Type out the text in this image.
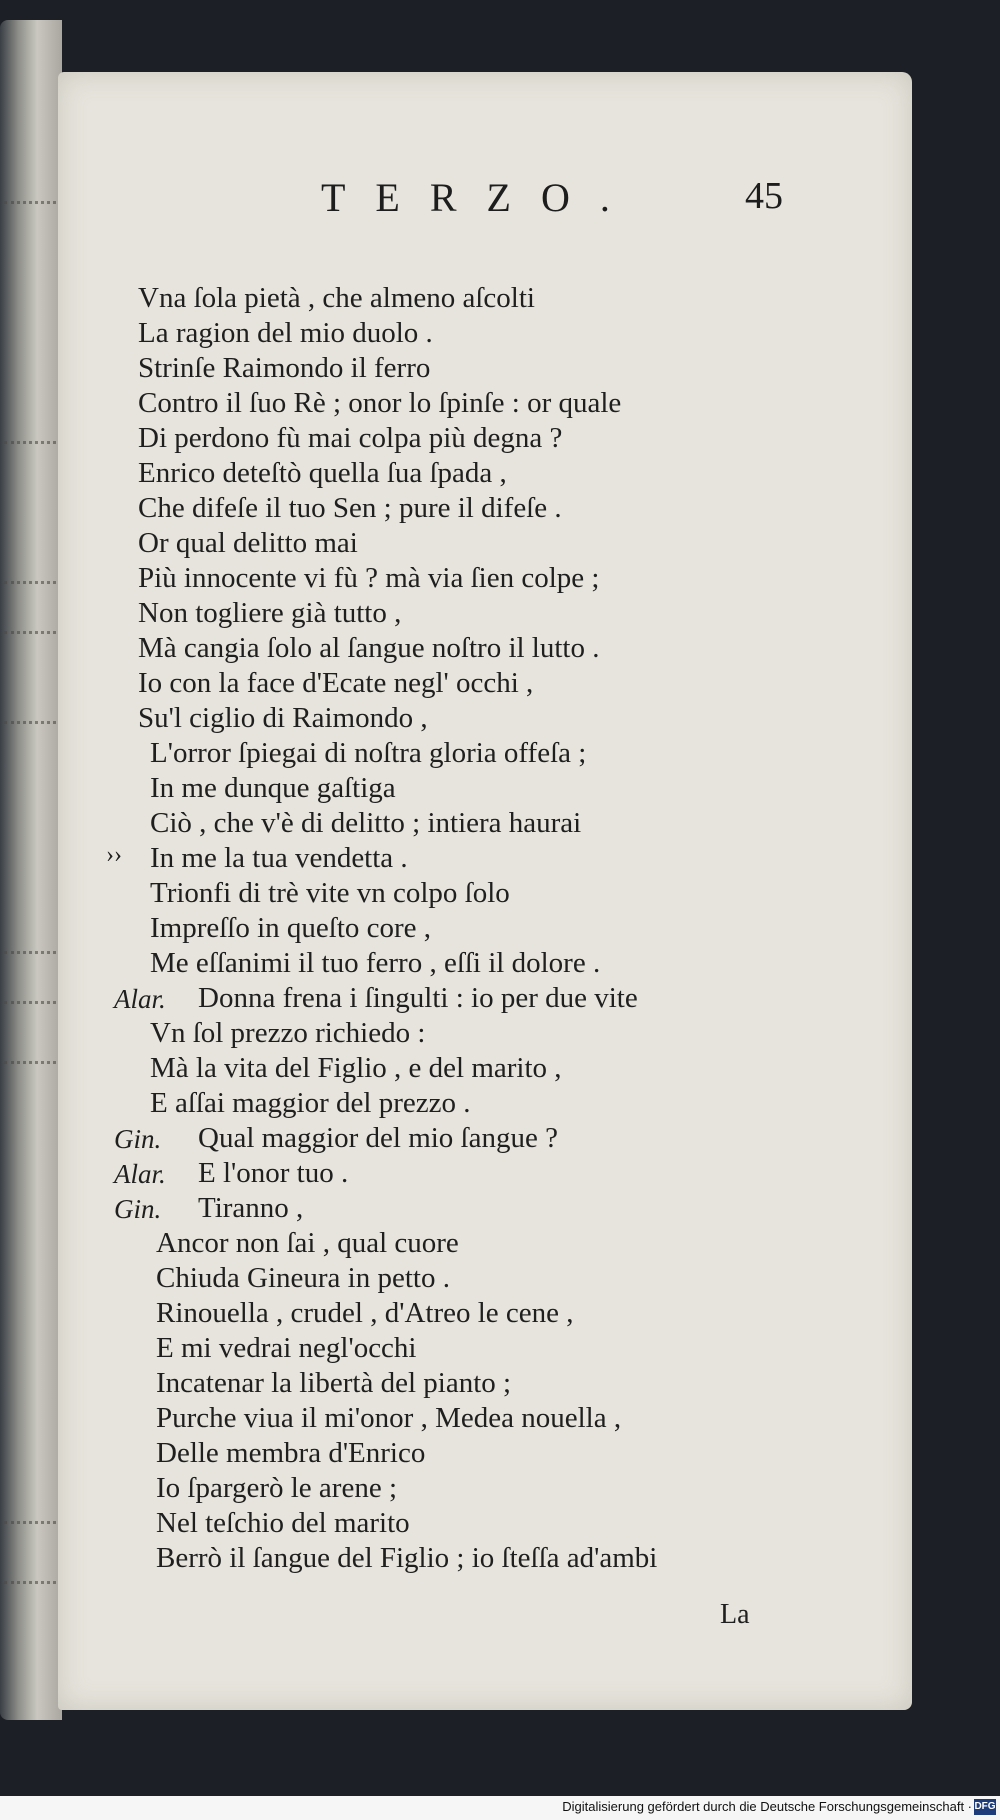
TERZO.	45
Vna ſola pietà , che almeno aſcolti
La ragion del mio duolo .
Strinſe Raimondo il ferro
Contro il ſuo Rè ; onor lo ſpinſe : or quale
Di perdono fù mai colpa più degna ?
Enrico deteſtò quella ſua ſpada ,
Che difeſe il tuo Sen ; pure il difeſe .
Or qual delitto mai
Più innocente vi fù ? mà via ſien colpe ;
Non togliere già tutto ,
Mà cangia ſolo al ſangue noſtro il lutto .
Io con la face d'Ecate negl' occhi ,
Su'l ciglio di Raimondo ,
L'orror ſpiegai di noſtra gloria offeſa ;
In me dunque gaſtiga
Ciò , che v'è di delitto ; intiera haurai
›› In me la tua vendetta .
Trionfi di trè vite vn colpo ſolo
Impreſſo in queſto core ,
Me eſſanimi il tuo ferro , eſſi il dolore .
Alar. Donna frena i ſingulti : io per due vite
Vn ſol prezzo richiedo :
Mà la vita del Figlio , e del marito ,
E aſſai maggior del prezzo .
Gin. Qual maggior del mio ſangue ?
Alar. E l'onor tuo .
Gin. Tiranno ,
Ancor non ſai , qual cuore
Chiuda Gineura in petto .
Rinouella , crudel , d'Atreo le cene ,
E mi vedrai negl'occhi
Incatenar la libertà del pianto ;
Purche viua il mi'onor , Medea nouella ,
Delle membra d'Enrico
Io ſpargerò le arene ;
Nel teſchio del marito
Berrò il ſangue del Figlio ; io ſteſſa ad'ambi
La
Digitalisierung gefördert durch die Deutsche Forschungsgemeinschaft · DFG
